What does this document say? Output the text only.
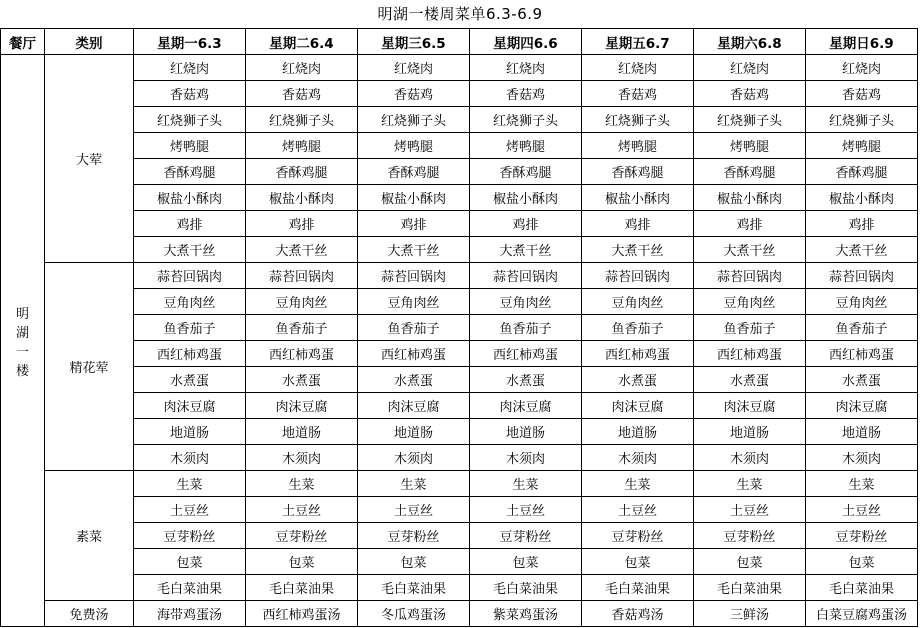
明湖一楼周菜单6.3-6.9
餐厅	类别	星期一6.3	星期二6.4	星期三6.5	星期四6.6	星期五6.7	星期六6.8	星期日6.9

明
湖
一
楼	大荤	红烧肉	红烧肉	红烧肉	红烧肉	红烧肉	红烧肉	红烧肉
		香菇鸡	香菇鸡	香菇鸡	香菇鸡	香菇鸡	香菇鸡	香菇鸡
		红烧狮子头	红烧狮子头	红烧狮子头	红烧狮子头	红烧狮子头	红烧狮子头	红烧狮子头
		烤鸭腿	烤鸭腿	烤鸭腿	烤鸭腿	烤鸭腿	烤鸭腿	烤鸭腿
		香酥鸡腿	香酥鸡腿	香酥鸡腿	香酥鸡腿	香酥鸡腿	香酥鸡腿	香酥鸡腿
		椒盐小酥肉	椒盐小酥肉	椒盐小酥肉	椒盐小酥肉	椒盐小酥肉	椒盐小酥肉	椒盐小酥肉
		鸡排	鸡排	鸡排	鸡排	鸡排	鸡排	鸡排
		大煮干丝	大煮干丝	大煮干丝	大煮干丝	大煮干丝	大煮干丝	大煮干丝
	精花荤	蒜苔回锅肉	蒜苔回锅肉	蒜苔回锅肉	蒜苔回锅肉	蒜苔回锅肉	蒜苔回锅肉	蒜苔回锅肉
		豆角肉丝	豆角肉丝	豆角肉丝	豆角肉丝	豆角肉丝	豆角肉丝	豆角肉丝
		鱼香茄子	鱼香茄子	鱼香茄子	鱼香茄子	鱼香茄子	鱼香茄子	鱼香茄子
		西红柿鸡蛋	西红柿鸡蛋	西红柿鸡蛋	西红柿鸡蛋	西红柿鸡蛋	西红柿鸡蛋	西红柿鸡蛋
		水煮蛋	水煮蛋	水煮蛋	水煮蛋	水煮蛋	水煮蛋	水煮蛋
		肉沫豆腐	肉沫豆腐	肉沫豆腐	肉沫豆腐	肉沫豆腐	肉沫豆腐	肉沫豆腐
		地道肠	地道肠	地道肠	地道肠	地道肠	地道肠	地道肠
		木须肉	木须肉	木须肉	木须肉	木须肉	木须肉	木须肉
	素菜	生菜	生菜	生菜	生菜	生菜	生菜	生菜
		土豆丝	土豆丝	土豆丝	土豆丝	土豆丝	土豆丝	土豆丝
		豆芽粉丝	豆芽粉丝	豆芽粉丝	豆芽粉丝	豆芽粉丝	豆芽粉丝	豆芽粉丝
		包菜	包菜	包菜	包菜	包菜	包菜	包菜
		毛白菜油果	毛白菜油果	毛白菜油果	毛白菜油果	毛白菜油果	毛白菜油果	毛白菜油果
	免费汤	海带鸡蛋汤	西红柿鸡蛋汤	冬瓜鸡蛋汤	紫菜鸡蛋汤	香菇鸡汤	三鲜汤	白菜豆腐鸡蛋汤
